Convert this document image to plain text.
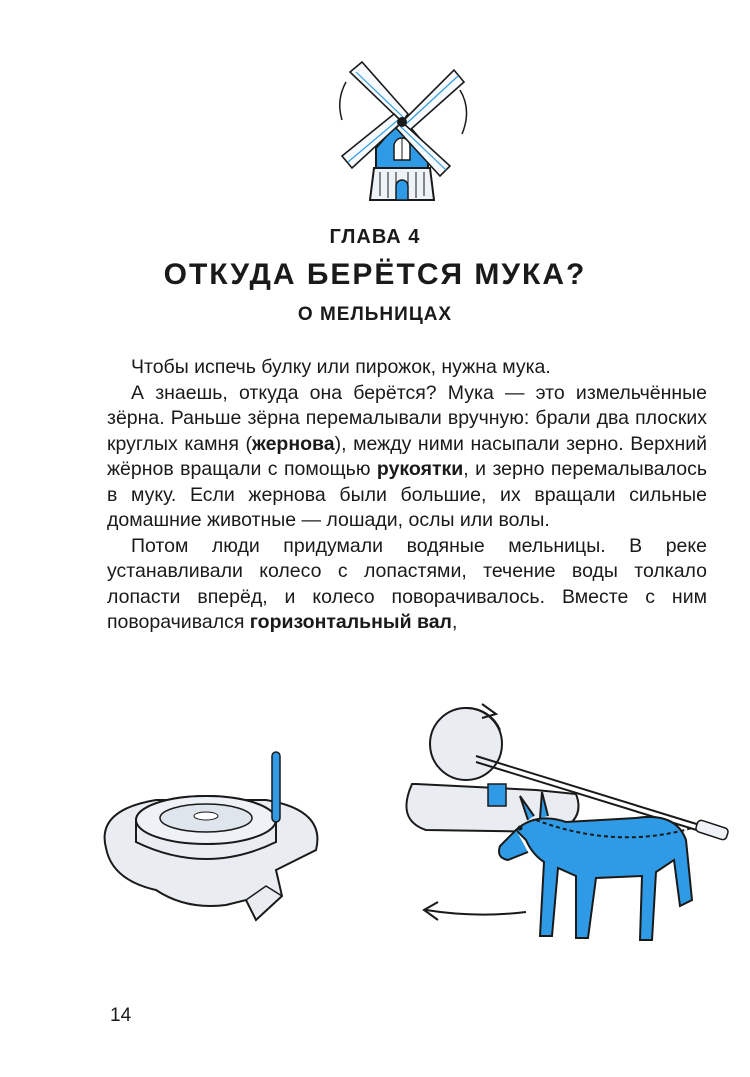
ГЛАВА 4
ОТКУДА БЕРЁТСЯ МУКА?
О МЕЛЬНИЦАХ

Чтобы испечь булку или пирожок, нужна мука.

А знаешь, откуда она берётся? Мука — это измельчённые зёрна. Раньше зёрна перемалывали вручную: брали два плоских круглых камня (жернова), между ними насыпали зерно. Верхний жёрнов вращали с помощью рукоятки, и зерно перемалывалось в муку. Если жернова были большие, их вращали сильные домашние животные — лошади, ослы или волы.

Потом люди придумали водяные мельницы. В реке устанавливали колесо с лопастями, течение воды толкало лопасти вперёд, и колесо поворачивалось. Вместе с ним поворачивался горизонтальный вал,

14
